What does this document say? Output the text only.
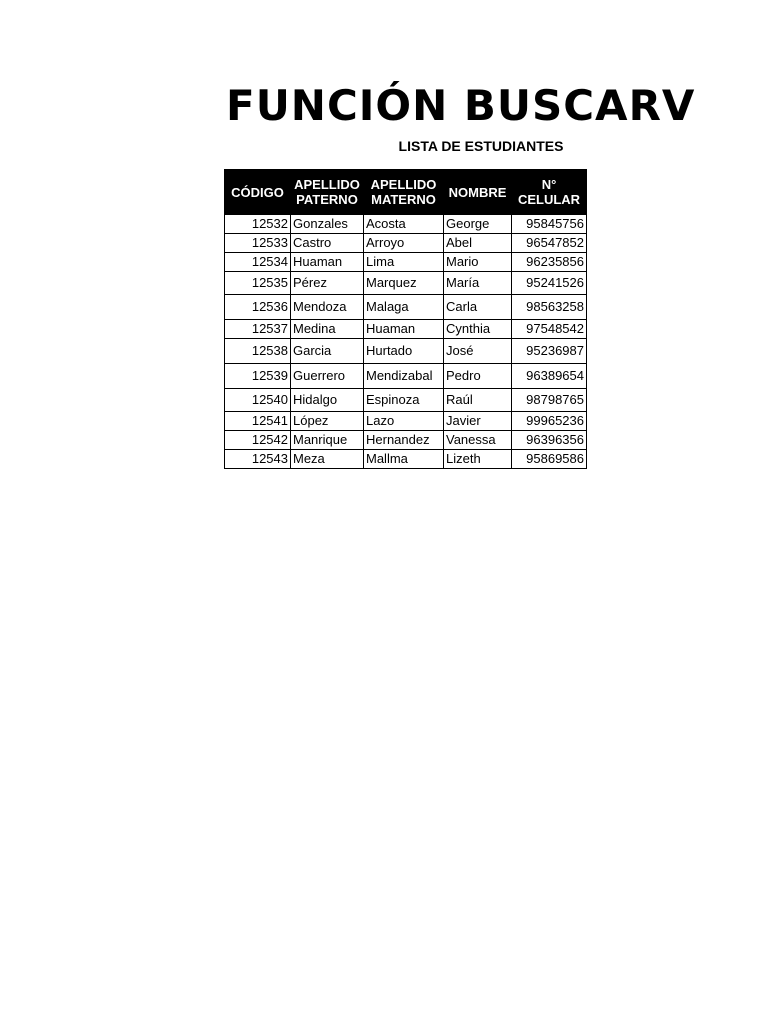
FUNCIÓN BUSCARV
LISTA DE ESTUDIANTES
CÓDIGO	APELLIDO PATERNO	APELLIDO MATERNO	NOMBRE	N° CELULAR
12532	Gonzales	Acosta	George	95845756
12533	Castro	Arroyo	Abel	96547852
12534	Huaman	Lima	Mario	96235856
12535	Pérez	Marquez	María	95241526
12536	Mendoza	Malaga	Carla	98563258
12537	Medina	Huaman	Cynthia	97548542
12538	Garcia	Hurtado	José	95236987
12539	Guerrero	Mendizabal	Pedro	96389654
12540	Hidalgo	Espinoza	Raúl	98798765
12541	López	Lazo	Javier	99965236
12542	Manrique	Hernandez	Vanessa	96396356
12543	Meza	Mallma	Lizeth	95869586
